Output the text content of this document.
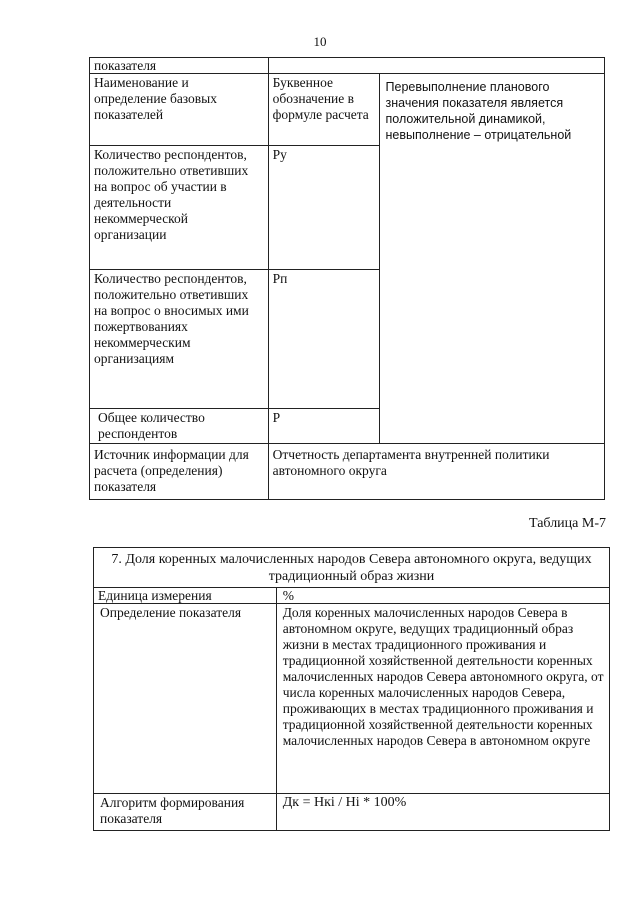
10
показателя		
Наименование и определение базовых показателей	Буквенное обозначение в формуле расчета	Перевыполнение планового значения показателя является положительной динамикой, невыполнение – отрицательной
Количество респондентов, положительно ответивших на вопрос об участии в деятельности некоммерческой организации	Ру	
Количество респондентов, положительно ответивших на вопрос о вносимых ими пожертвованиях некоммерческим организациям	Рп	
Общее количество респондентов	Р	
Источник информации для расчета (определения) показателя	Отчетность департамента внутренней политики автономного округа	
Таблица М-7
7. Доля коренных малочисленных народов Севера автономного округа, ведущих традиционный образ жизни	
Единица измерения	%
Определение показателя	Доля коренных малочисленных народов Севера в автономном округе, ведущих традиционный образ жизни в местах традиционного проживания и традиционной хозяйственной деятельности коренных малочисленных народов Севера автономного округа, от числа коренных малочисленных народов Севера, проживающих в местах традиционного проживания и традиционной хозяйственной деятельности коренных малочисленных народов Севера в автономном округе
Алгоритм формирования показателя	Дк = Нкi / Нi * 100%
